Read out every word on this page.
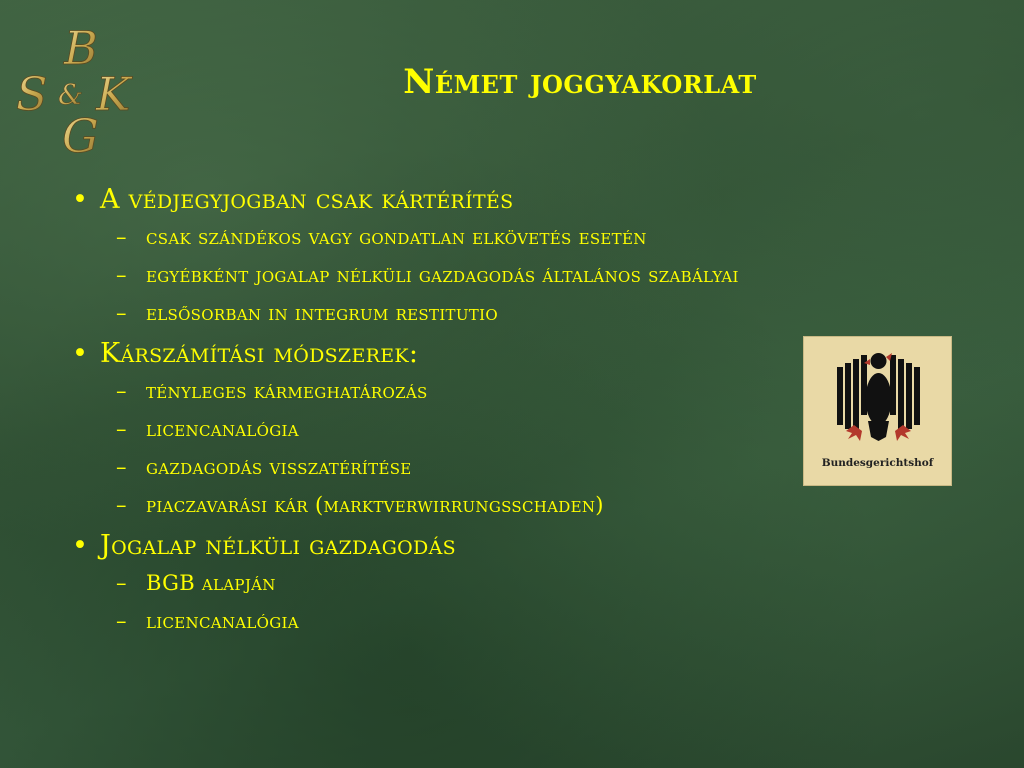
B
S & K
G
Német joggyakorlat
• A védjegyjogban csak kártérítés
– csak szándékos vagy gondatlan elkövetés esetén
– egyébként jogalap nélküli gazdagodás általános szabályai
– elsősorban in integrum restitutio
• Kárszámítási módszerek:
– tényleges kármeghatározás
– licencanalógia
– gazdagodás visszatérítése
– piaczavarási kár (marktverwirrungsschaden)
• Jogalap nélküli gazdagodás
– BGB alapján
– licencanalógia
Bundesgerichtshof
